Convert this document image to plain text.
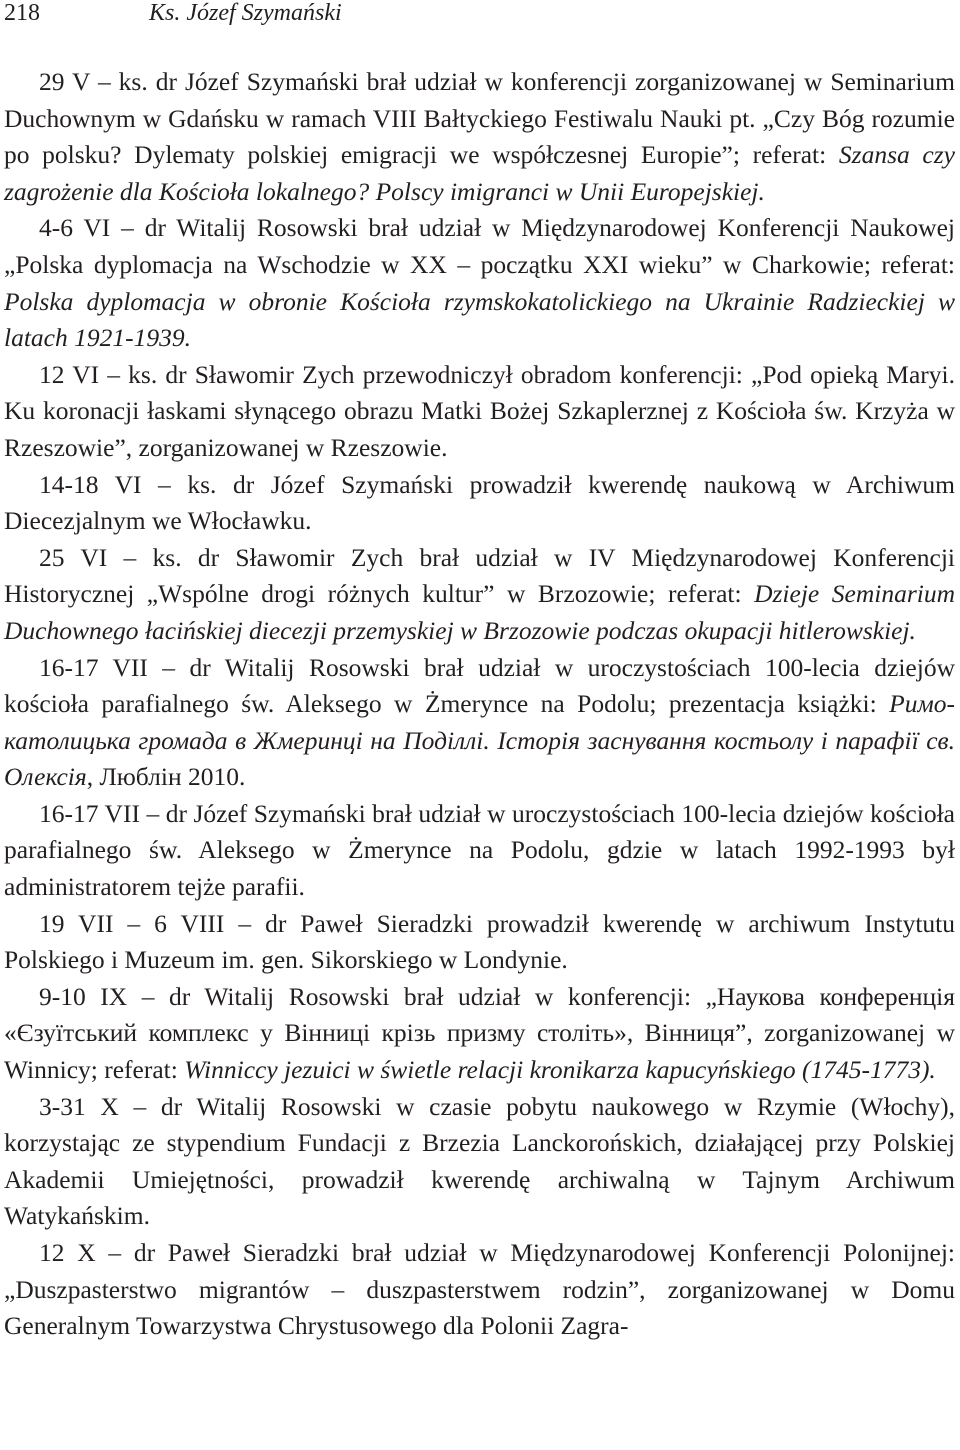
218	Ks. Józef Szymański

29 V – ks. dr Józef Szymański brał udział w konferencji zorganizowanej w Seminarium Duchownym w Gdańsku w ramach VIII Bałtyckiego Festiwalu Nauki pt. „Czy Bóg rozumie po polsku? Dylematy polskiej emigracji we współczesnej Europie”; referat: Szansa czy zagrożenie dla Kościoła lokalnego? Polscy imigranci w Unii Europejskiej.

4-6 VI – dr Witalij Rosowski brał udział w Międzynarodowej Konferencji Naukowej „Polska dyplomacja na Wschodzie w XX – początku XXI wieku” w Charkowie; referat: Polska dyplomacja w obronie Kościoła rzymskokatolickiego na Ukrainie Radzieckiej w latach 1921-1939.

12 VI – ks. dr Sławomir Zych przewodniczył obradom konferencji: „Pod opieką Maryi. Ku koronacji łaskami słynącego obrazu Matki Bożej Szkaplerznej z Kościoła św. Krzyża w Rzeszowie”, zorganizowanej w Rzeszowie.

14-18 VI – ks. dr Józef Szymański prowadził kwerendę naukową w Archiwum Diecezjalnym we Włocławku.

25 VI – ks. dr Sławomir Zych brał udział w IV Międzynarodowej Konferencji Historycznej „Wspólne drogi różnych kultur” w Brzozowie; referat: Dzieje Seminarium Duchownego łacińskiej diecezji przemyskiej w Brzozowie podczas okupacji hitlerowskiej.

16-17 VII – dr Witalij Rosowski brał udział w uroczystościach 100-lecia dziejów kościoła parafialnego św. Aleksego w Żmerynce na Podolu; prezentacja książki: Римо-католицька громада в Жмеринці на Поділлі. Історія заснування костьолу і парафії св. Олексія, Люблін 2010.

16-17 VII – dr Józef Szymański brał udział w uroczystościach 100-lecia dziejów kościoła parafialnego św. Aleksego w Żmerynce na Podolu, gdzie w latach 1992-1993 był administratorem tejże parafii.

19 VII – 6 VIII – dr Paweł Sieradzki prowadził kwerendę w archiwum Instytutu Polskiego i Muzeum im. gen. Sikorskiego w Londynie.

9-10 IX – dr Witalij Rosowski brał udział w konferencji: „Наукова конференція «Єзуїтський комплекс у Вінниці крізь призму століть», Вінниця”, zorganizowanej w Winnicy; referat: Winniccy jezuici w świetle relacji kronikarza kapucyńskiego (1745-1773).

3-31 X – dr Witalij Rosowski w czasie pobytu naukowego w Rzymie (Włochy), korzystając ze stypendium Fundacji z Brzezia Lanckorońskich, działającej przy Polskiej Akademii Umiejętności, prowadził kwerendę archiwalną w Tajnym Archiwum Watykańskim.

12 X – dr Paweł Sieradzki brał udział w Międzynarodowej Konferencji Polonijnej: „Duszpasterstwo migrantów – duszpasterstwem rodzin”, zorganizowanej w Domu Generalnym Towarzystwa Chrystusowego dla Polonii Zagra-
